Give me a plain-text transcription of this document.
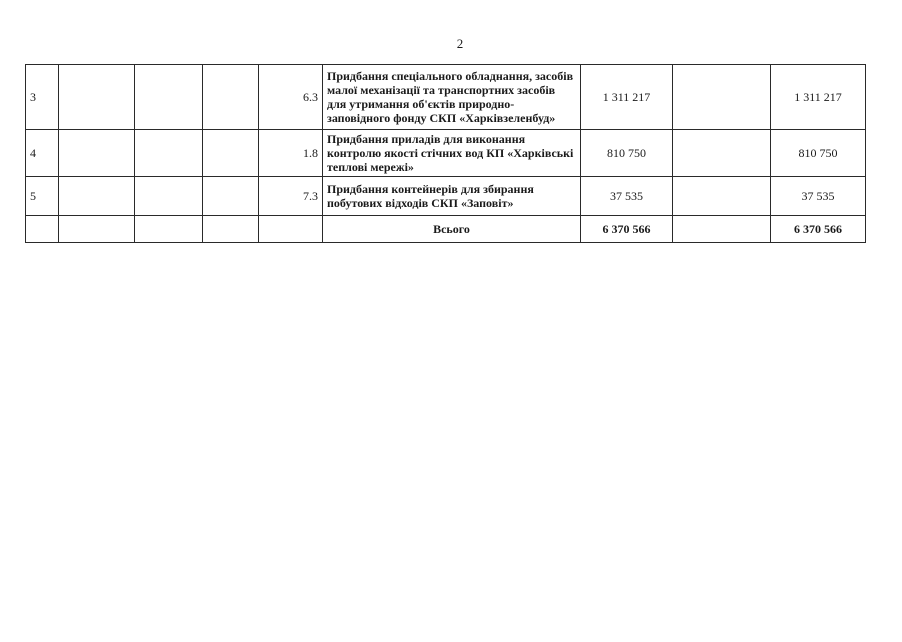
2
3				6.3	Придбання спеціального обладнання, засобів малої механізації та транспортних засобів для утримання об'єктів природно-заповідного фонду СКП «Харківзеленбуд»	1 311 217		1 311 217
4				1.8	Придбання приладів для виконання контролю якості стічних вод КП «Харківські теплові мережі»	810 750		810 750
5				7.3	Придбання контейнерів для збирання побутових відходів СКП «Заповіт»	37 535		37 535
					Всього	6 370 566		6 370 566
